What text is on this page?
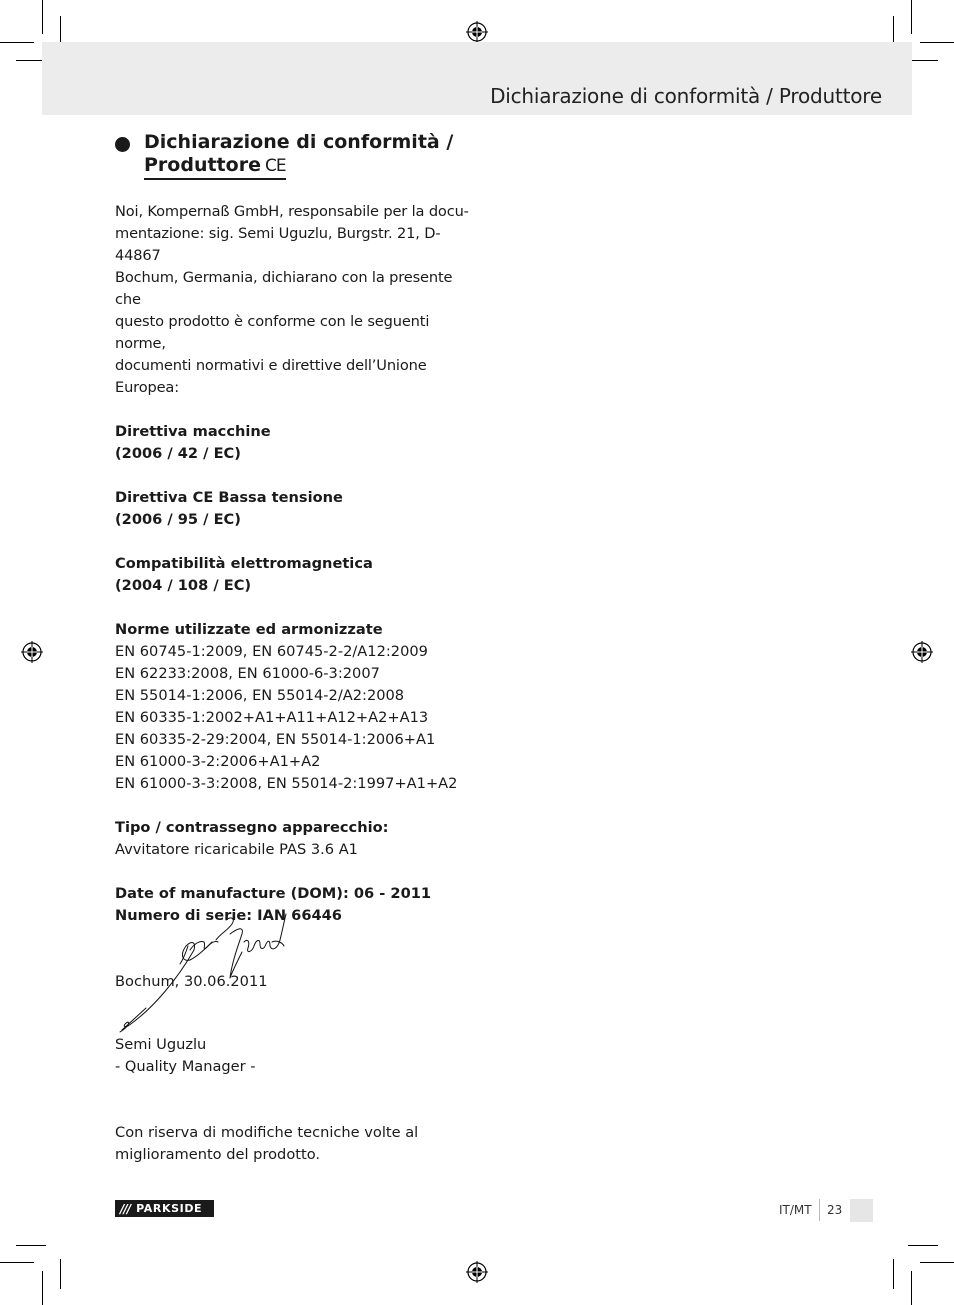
Dichiarazione di conformità / Produttore
Dichiarazione di conformità /
Produttore CE

Noi, Kompernaß GmbH, responsabile per la docu-

mentazione: sig. Semi Uguzlu, Burgstr. 21, D-44867

Bochum, Germania, dichiarano con la presente che

questo prodotto è conforme con le seguenti norme,

documenti normativi e direttive dell’Unione Europea:

Direttiva macchine

(2006 / 42 / EC)

Direttiva CE Bassa tensione

(2006 / 95 / EC)

Compatibilità elettromagnetica

(2004 / 108 / EC)

Norme utilizzate ed armonizzate

EN 60745-1:2009, EN 60745-2-2/A12:2009

EN 62233:2008, EN 61000-6-3:2007

EN 55014-1:2006, EN 55014-2/A2:2008

EN 60335-1:2002+A1+A11+A12+A2+A13

EN 60335-2-29:2004, EN 55014-1:2006+A1

EN 61000-3-2:2006+A1+A2

EN 61000-3-3:2008, EN 55014-2:1997+A1+A2

Tipo / contrassegno apparecchio:

Avvitatore ricaricabile PAS 3.6 A1

Date of manufacture (DOM): 06 - 2011

Numero di serie: IAN 66446

Bochum, 30.06.2011

Semi Uguzlu
- Quality Manager -
Con riserva di modifiche tecniche volte al
miglioramento del prodotto.
/// PARKSIDE	IT/MT 23
